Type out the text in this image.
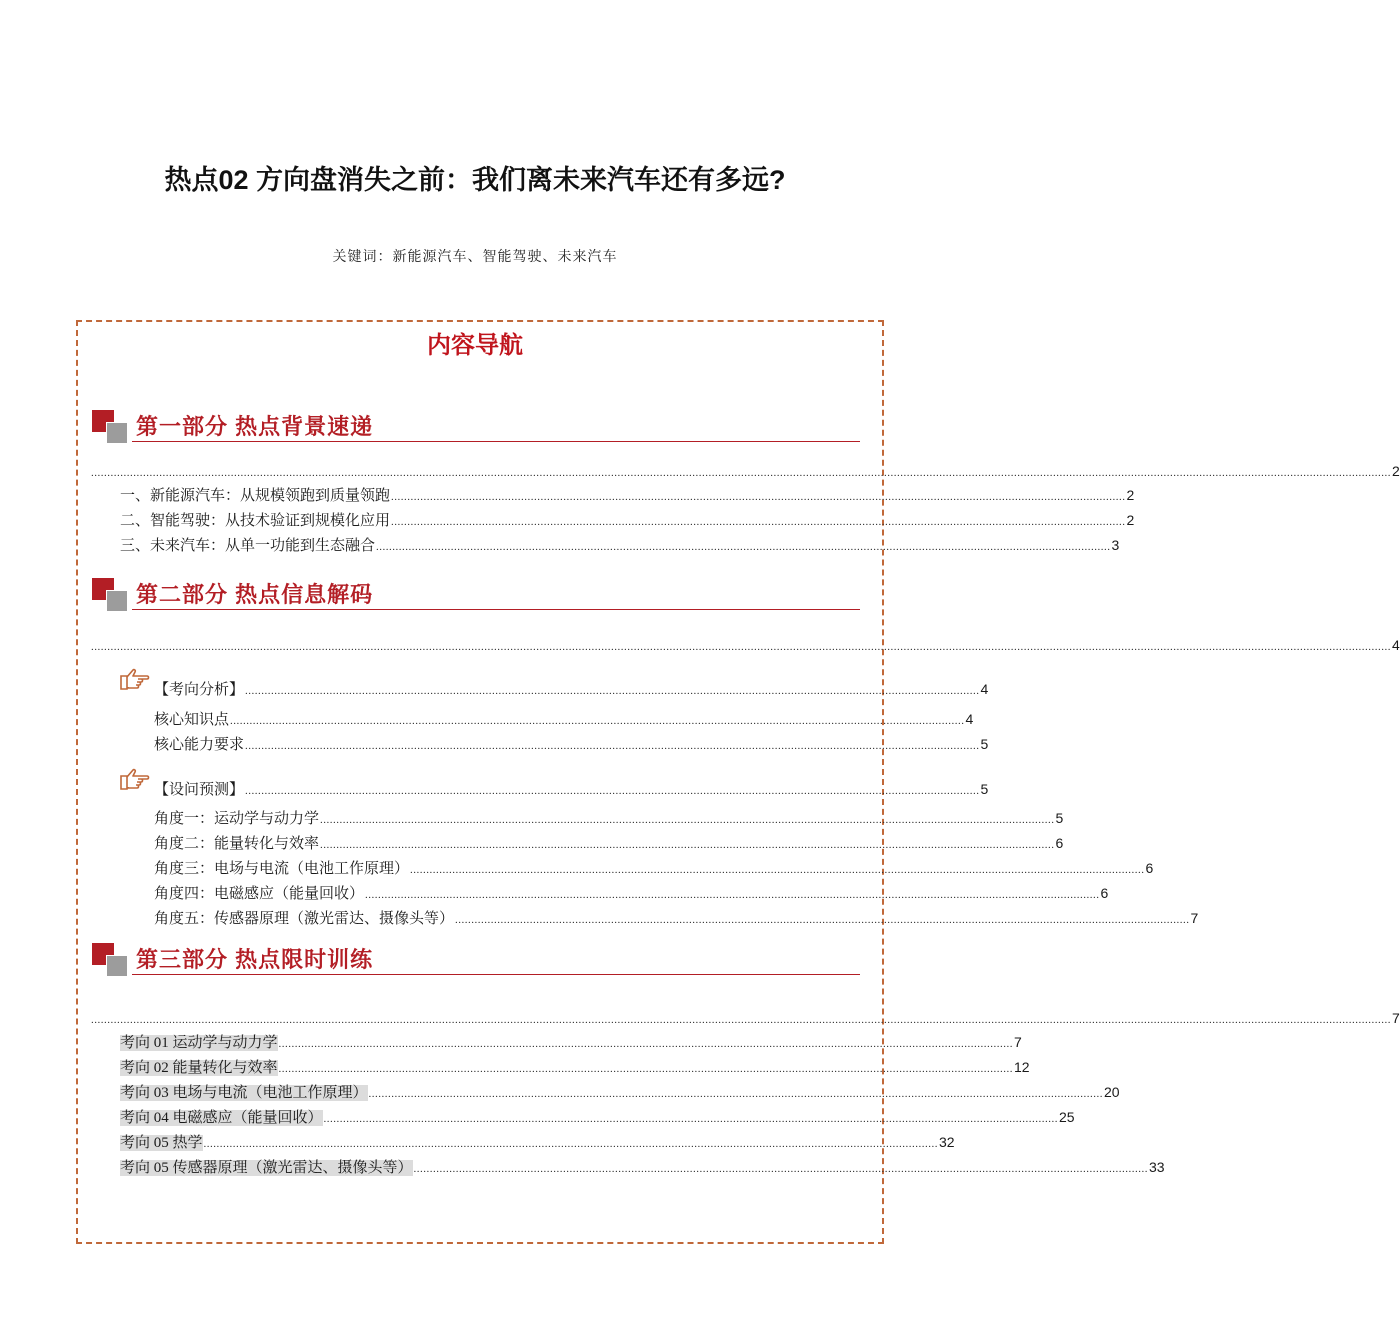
热点02 方向盘消失之前：我们离未来汽车还有多远?
关键词：新能源汽车、智能驾驶、未来汽车
内容导航
第一部分 热点背景速递
................................................................................................................................................................................................................................................................................................................................................................................................................ 2
一、新能源汽车：从规模领跑到质量领跑 .................................................................................................................................................................................................................................. 2
二、智能驾驶：从技术验证到规模化应用 .................................................................................................................................................................................................................................. 2
三、未来汽车：从单一功能到生态融合 .................................................................................................................................................................................................................................. 3
第二部分 热点信息解码
................................................................................................................................................................................................................................................................................................................................................................................................................ 4
【考向分析】 .................................................................................................................................................................................................................................. 4
核心知识点 .................................................................................................................................................................................................................................. 4
核心能力要求 .................................................................................................................................................................................................................................. 5
【设问预测】 .................................................................................................................................................................................................................................. 5
角度一：运动学与动力学 .................................................................................................................................................................................................................................. 5
角度二：能量转化与效率 .................................................................................................................................................................................................................................. 6
角度三：电场与电流（电池工作原理） .................................................................................................................................................................................................................................. 6
角度四：电磁感应（能量回收） .................................................................................................................................................................................................................................. 6
角度五：传感器原理（激光雷达、摄像头等） .................................................................................................................................................................................................................................. 7
第三部分 热点限时训练
................................................................................................................................................................................................................................................................................................................................................................................................................ 7
考向 01 运动学与动力学 .................................................................................................................................................................................................................................. 7
考向 02 能量转化与效率 .................................................................................................................................................................................................................................. 12
考向 03 电场与电流（电池工作原理） .................................................................................................................................................................................................................................. 20
考向 04 电磁感应（能量回收） .................................................................................................................................................................................................................................. 25
考向 05 热学 .................................................................................................................................................................................................................................. 32
考向 05 传感器原理（激光雷达、摄像头等） .................................................................................................................................................................................................................................. 33
